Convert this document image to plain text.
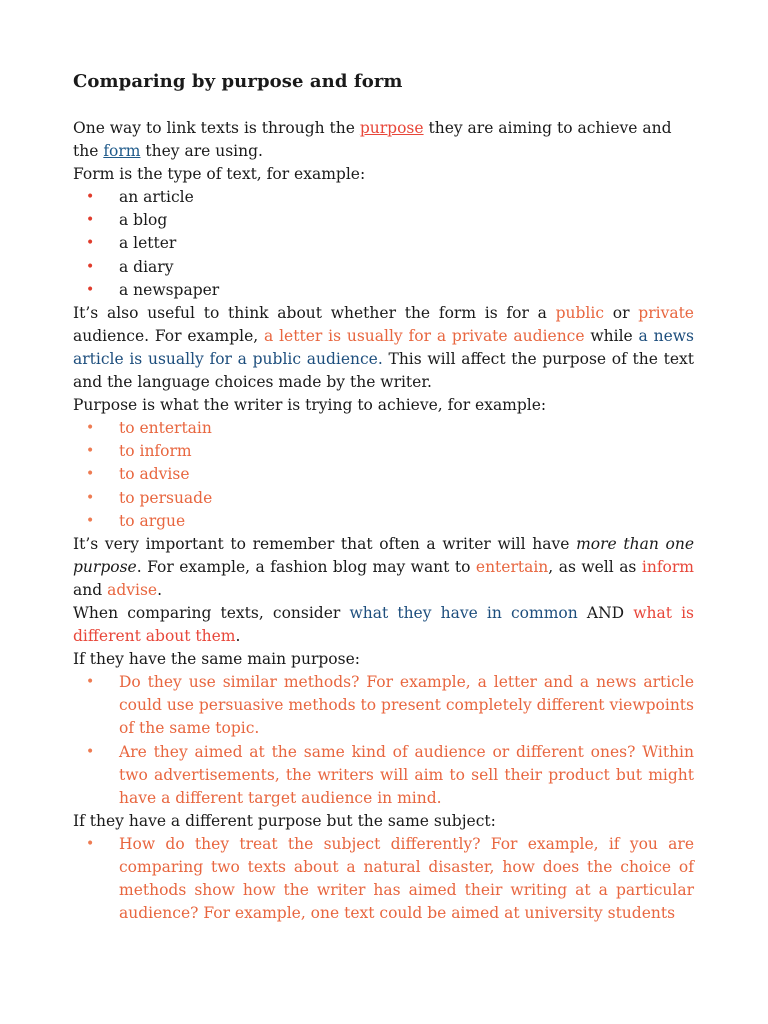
Comparing by purpose and form

One way to link texts is through the purpose they are aiming to achieve and the form they are using.

Form is the type of text, for example:

• an article
• a blog
• a letter
• a diary
• a newspaper

It’s also useful to think about whether the form is for a public or private audience. For example, a letter is usually for a private audience while a news article is usually for a public audience. This will affect the purpose of the text and the language choices made by the writer.

Purpose is what the writer is trying to achieve, for example:

• to entertain
• to inform
• to advise
• to persuade
• to argue

It’s very important to remember that often a writer will have more than one purpose. For example, a fashion blog may want to entertain, as well as inform and advise.

When comparing texts, consider what they have in common AND what is different about them.

If they have the same main purpose:

• Do they use similar methods? For example, a letter and a news article could use persuasive methods to present completely different viewpoints of the same topic.
• Are they aimed at the same kind of audience or different ones? Within two advertisements, the writers will aim to sell their product but might have a different target audience in mind.

If they have a different purpose but the same subject:

• How do they treat the subject differently? For example, if you are comparing two texts about a natural disaster, how does the choice of methods show how the writer has aimed their writing at a particular audience? For example, one text could be aimed at university students
